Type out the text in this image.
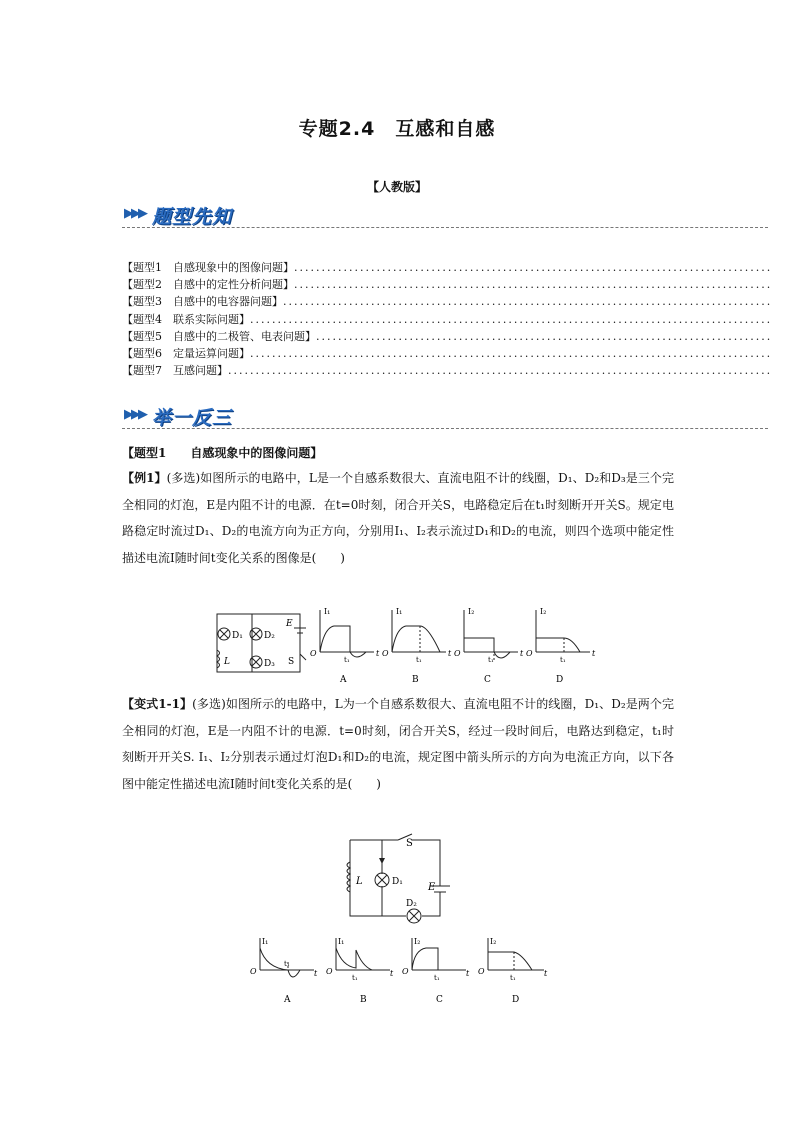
专题2.4　互感和自感
【人教版】
▶▶▶ 题型先知
【题型1　自感现象中的图像问题】
.....
【题型2　自感中的定性分析问题】
.....
【题型3　自感中的电容器问题】
.....
【题型4　联系实际问题】
.....
【题型5　自感中的二极管、电表问题】
.....
【题型6　定量运算问题】
.....
【题型7　互感问题】
.....
▶▶▶ 举一反三
【题型1　　自感现象中的图像问题】

【例1】(多选)如图所示的电路中，L是一个自感系数很大、直流电阻不计的线圈，D₁、D₂和D₃是三个完全相同的灯泡，E是内阻不计的电源．在t=0时刻，闭合开关S，电路稳定后在t₁时刻断开开关S。规定电路稳定时流过D₁、D₂的电流方向为正方向，分别用I₁、I₂表示流过D₁和D₂的电流，则四个选项中能定性描述电流I随时间t变化关系的图像是(　　)

D₁ D₂
D₃
L
E
S
I₁
t
O
t₁
A
I₁
t
O
t₁
B
I₂
t
O
t₁
C
I₂
t
O
t₁
D

【变式1-1】(多选)如图所示的电路中，L为一个自感系数很大、直流电阻不计的线圈，D₁、D₂是两个完全相同的灯泡，E是一内阻不计的电源．t=0时刻，闭合开关S，经过一段时间后，电路达到稳定，t₁时刻断开开关S. I₁、I₂分别表示通过灯泡D₁和D₂的电流，规定图中箭头所示的方向为电流正方向，以下各图中能定性描述电流I随时间t变化关系的是(　　)

S
L	D₁	E
D₂
I₁
t
O
t₁
A
I₁
t
O
t₁
B
I₂
t
O
t₁
C
I₂
t
O
t₁
D
